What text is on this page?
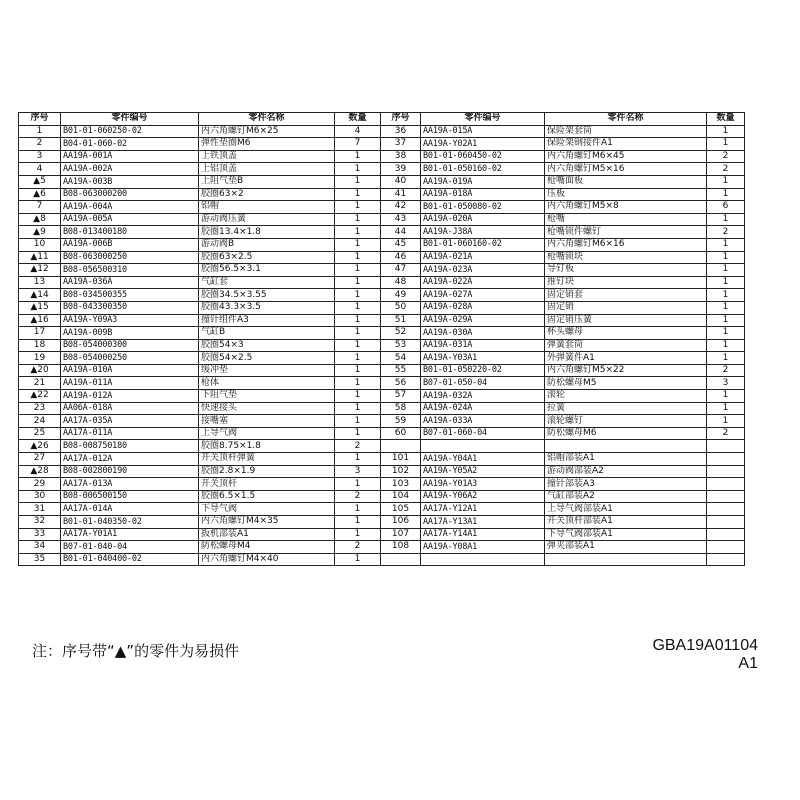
序号	零件编号	零件名称	数量	序号	零件编号	零件名称	数量
1	B01-01-060250-02	内六角螺钉M6×25	4	36	AA19A-015A	保险架套筒	1
2	B04-01-060-02	弹性垫圈M6	7	37	AA19A-Y02A1	保险架钢接件A1	1
3	AA19A-001A	上铁顶盖	1	38	B01-01-060450-02	内六角螺钉M6×45	2
4	AA19A-002A	上铝顶盖	1	39	B01-01-050160-02	内六角螺钉M5×16	2
▲5	AA19A-003B	上阻气垫B	1	40	AA19A-019A	枪嘴面板	1
▲6	B08-063000200	胶圈63×2	1	41	AA19A-018A	压板	1
7	AA19A-004A	铝帽	1	42	B01-01-050080-02	内六角螺钉M5×8	6
▲8	AA19A-005A	游动阀压簧	1	43	AA19A-020A	枪嘴	1
▲9	B08-013400180	胶圈13.4×1.8	1	44	AA19A-J38A	枪嘴锁件螺钉	2
10	AA19A-006B	游动阀B	1	45	B01-01-060160-02	内六角螺钉M6×16	1
▲11	B08-063000250	胶圈63×2.5	1	46	AA19A-021A	枪嘴锁块	1
▲12	B08-056500310	胶圈56.5×3.1	1	47	AA19A-023A	导钉板	1
13	AA19A-036A	气缸套	1	48	AA19A-022A	推钉块	1
▲14	B08-034500355	胶圈34.5×3.55	1	49	AA19A-027A	固定销套	1
▲15	B08-043300350	胶圈43.3×3.5	1	50	AA19A-028A	固定销	1
▲16	AA19A-Y09A3	撞针组件A3	1	51	AA19A-029A	固定销压簧	1
17	AA19A-009B	气缸B	1	52	AA19A-030A	杯头螺母	1
18	B08-054000300	胶圈54×3	1	53	AA19A-031A	弹簧套筒	1
19	B08-054000250	胶圈54×2.5	1	54	AA19A-Y03A1	外弹簧件A1	1
▲20	AA19A-010A	缓冲垫	1	55	B01-01-050220-02	内六角螺钉M5×22	2
21	AA19A-011A	枪体	1	56	B07-01-050-04	防松螺母M5	3
▲22	AA19A-012A	下阻气垫	1	57	AA19A-032A	滚轮	1
23	AA06A-018A	快速接头	1	58	AA19A-024A	拉簧	1
24	AA17A-035A	接嘴塞	1	59	AA19A-033A	滚轮螺钉	1
25	AA17A-011A	上导气阀	1	60	B07-01-060-04	防松螺母M6	2
▲26	B08-008750180	胶圈8.75×1.8	2				
27	AA17A-012A	开关顶杆弹簧	1	101	AA19A-Y04A1	铝帽部装A1	
▲28	B08-002800190	胶圈2.8×1.9	3	102	AA19A-Y05A2	游动阀部装A2	
29	AA17A-013A	开关顶杆	1	103	AA19A-Y01A3	撞针部装A3	
30	B08-006500150	胶圈6.5×1.5	2	104	AA19A-Y06A2	气缸部装A2	
31	AA17A-014A	下导气阀	1	105	AA17A-Y12A1	上导气阀部装A1	
32	B01-01-040350-02	内六角螺钉M4×35	1	106	AA17A-Y13A1	开关顶杆部装A1	
33	AA17A-Y01A1	扳机部装A1	1	107	AA17A-Y14A1	下导气阀部装A1	
34	B07-01-040-04	防松螺母M4	2	108	AA19A-Y08A1	弹夹部装A1	
35	B01-01-040400-02	内六角螺钉M4×40	1				
注：序号带“▲”的零件为易损件	GBA19A01104
A1
